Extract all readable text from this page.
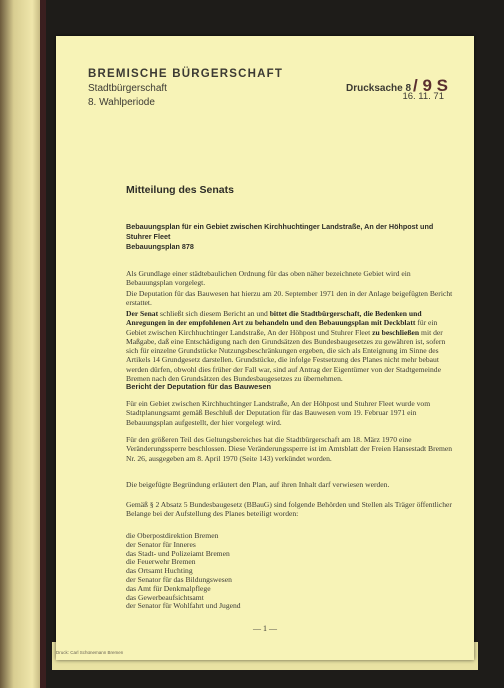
BREMISCHE BÜRGERSCHAFT

Stadtbürgerschaft

8. Wahlperiode

Drucksache 8 / 9 S

16. 11. 71

Mitteilung des Senats

Bebauungsplan für ein Gebiet zwischen Kirchhuchtinger Landstraße, An der Höhpost und Stuhrer Fleet

Bebauungsplan 878

Als Grundlage einer städtebaulichen Ordnung für das oben näher bezeichnete Gebiet wird ein Bebauungsplan vorgelegt.

Die Deputation für das Bauwesen hat hierzu am 20. September 1971 den in der Anlage beigefügten Bericht erstattet.

Der Senat schließt sich diesem Bericht an und bittet die Stadtbürgerschaft, die Bedenken und Anregungen in der empfohlenen Art zu behandeln und den Bebauungsplan mit Deckblatt für ein Gebiet zwischen Kirchhuchtinger Landstraße, An der Höhpost und Stuhrer Fleet zu beschließen mit der Maßgabe, daß eine Entschädigung nach den Grundsätzen des Bundesbaugesetzes zu gewähren ist, sofern sich für einzelne Grundstücke Nutzungsbeschränkungen ergeben, die sich als Enteignung im Sinne des Artikels 14 Grundgesetz darstellen. Grundstücke, die infolge Festsetzung des Planes nicht mehr bebaut werden dürfen, obwohl dies früher der Fall war, sind auf Antrag der Eigentümer von der Stadtgemeinde Bremen nach den Grundsätzen des Bundesbaugesetzes zu übernehmen.

Bericht der Deputation für das Bauwesen

Für ein Gebiet zwischen Kirchhuchtinger Landstraße, An der Höhpost und Stuhrer Fleet wurde vom Stadtplanungsamt gemäß Beschluß der Deputation für das Bauwesen vom 19. Februar 1971 ein Bebauungsplan aufgestellt, der hier vorgelegt wird.

Für den größeren Teil des Geltungsbereiches hat die Stadtbürgerschaft am 18. März 1970 eine Veränderungssperre beschlossen. Diese Veränderungssperre ist im Amtsblatt der Freien Hansestadt Bremen Nr. 26, ausgegeben am 8. April 1970 (Seite 143) verkündet worden.

Die beigefügte Begründung erläutert den Plan, auf ihren Inhalt darf verwiesen werden.

Gemäß § 2 Absatz 5 Bundesbaugesetz (BBauG) sind folgende Behörden und Stellen als Träger öffentlicher Belange bei der Aufstellung des Planes beteiligt worden:

die Oberpostdirektion Bremen
der Senator für Inneres
das Stadt- und Polizeiamt Bremen
die Feuerwehr Bremen
das Ortsamt Huchting
der Senator für das Bildungswesen
das Amt für Denkmalpflege
das Gewerbeaufsichtsamt
der Senator für Wohlfahrt und Jugend

— 1 —

Druck: Carl Schünemann Bremen
